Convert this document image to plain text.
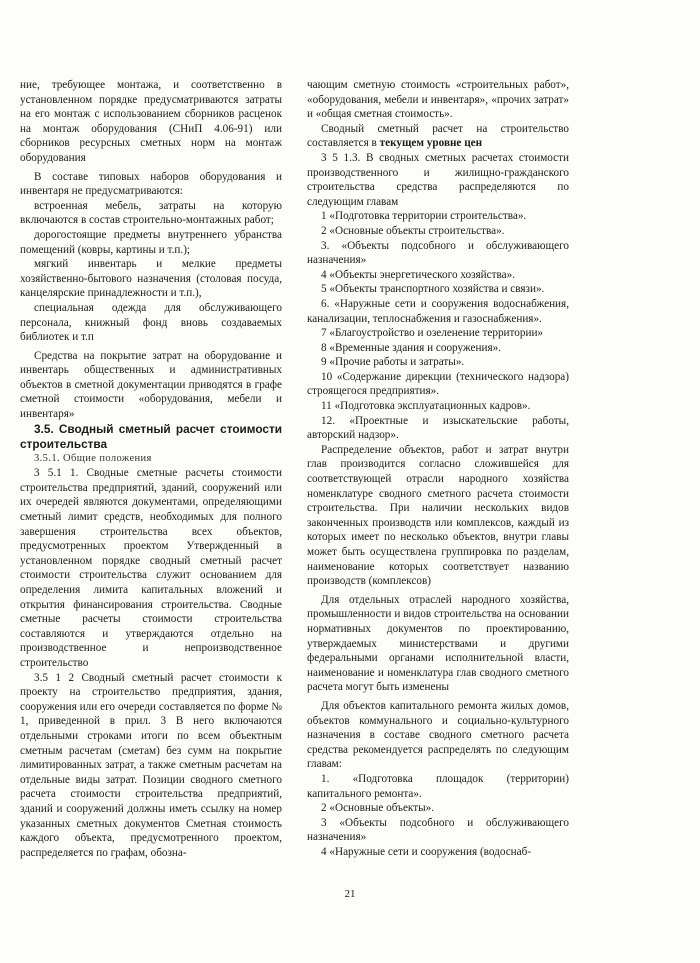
ние, требующее монтажа, и соответственно в установленном порядке предусматриваются затраты на его монтаж с использованием сборников расценок на монтаж оборудования (СНиП 4.06-91) или сборников ресурсных сметных норм на монтаж оборудования

В составе типовых наборов оборудования и инвентаря не предусматриваются:

встроенная мебель, затраты на которую включаются в состав строительно-монтажных работ;

дорогостоящие предметы внутреннего убранства помещений (ковры, картины и т.п.);

мягкий инвентарь и мелкие предметы хозяйственно-бытового назначения (столовая посуда, канцелярские принадлежности и т.п.),

специальная одежда для обслуживающего персонала, книжный фонд вновь создаваемых библиотек и т.п

Средства на покрытие затрат на оборудование и инвентарь общественных и административных объектов в сметной документации приводятся в графе сметной стоимости «оборудования, мебели и инвентаря»

3.5. Сводный сметный расчет стоимости строительства

3.5.1. Общие положения

3 5.1 1. Сводные сметные расчеты стоимости строительства предприятий, зданий, сооружений или их очередей являются документами, определяющими сметный лимит средств, необходимых для полного завершения строительства всех объектов, предусмотренных проектом Утвержденный в установленном порядке сводный сметный расчет стоимости строительства служит основанием для определения лимита капитальных вложений и открытия финансирования строительства. Сводные сметные расчеты стоимости строительства составляются и утверждаются отдельно на производственное и непроизводственное строительство

3.5 1 2 Сводный сметный расчет стоимости к проекту на строительство предприятия, здания, сооружения или его очереди составляется по форме № 1, приведенной в прил. 3 В него включаются отдельными строками итоги по всем объектным сметным расчетам (сметам) без сумм на покрытие лимитированных затрат, а также сметным расчетам на отдельные виды затрат. Позиции сводного сметного расчета стоимости строительства предприятий, зданий и сооружений должны иметь ссылку на номер указанных сметных документов Сметная стоимость каждого объекта, предусмотренного проектом, распределяется по графам, обозна-

чающим сметную стоимость «строительных работ», «оборудования, мебели и инвентаря», «прочих затрат» и «общая сметная стоимость».

Сводный сметный расчет на строительство составляется в текущем уровне цен

3 5 1.3. В сводных сметных расчетах стоимости производственного и жилищно-гражданского строительства средства распределяются по следующим главам

1 «Подготовка территории строительства».

2 «Основные объекты строительства».

3. «Объекты подсобного и обслуживающего назначения»

4 «Объекты энергетического хозяйства».

5 «Объекты транспортного хозяйства и связи».

6. «Наружные сети и сооружения водоснабжения, канализации, теплоснабжения и газоснабжения».

7 «Благоустройство и озеленение территории»

8 «Временные здания и сооружения».

9 «Прочие работы и затраты».

10 «Содержание дирекции (технического надзора) строящегося предприятия».

11 «Подготовка эксплуатационных кадров».

12. «Проектные и изыскательские работы, авторский надзор».

Распределение объектов, работ и затрат внутри глав производится согласно сложившейся для соответствующей отрасли народного хозяйства номенклатуре сводного сметного расчета стоимости строительства. При наличии нескольких видов законченных производств или комплексов, каждый из которых имеет по несколько объектов, внутри главы может быть осуществлена группировка по разделам, наименование которых соответствует названию производств (комплексов)

Для отдельных отраслей народного хозяйства, промышленности и видов строительства на основании нормативных документов по проектированию, утверждаемых министерствами и другими федеральными органами исполнительной власти, наименование и номенклатура глав сводного сметного расчета могут быть изменены

Для объектов капитального ремонта жилых домов, объектов коммунального и социально-культурного назначения в составе сводного сметного расчета средства рекомендуется распределять по следующим главам:

1. «Подготовка площадок (территории) капитального ремонта».

2 «Основные объекты».

3 «Объекты подсобного и обслуживающего назначения»

4 «Наружные сети и сооружения (водоснаб-

21
